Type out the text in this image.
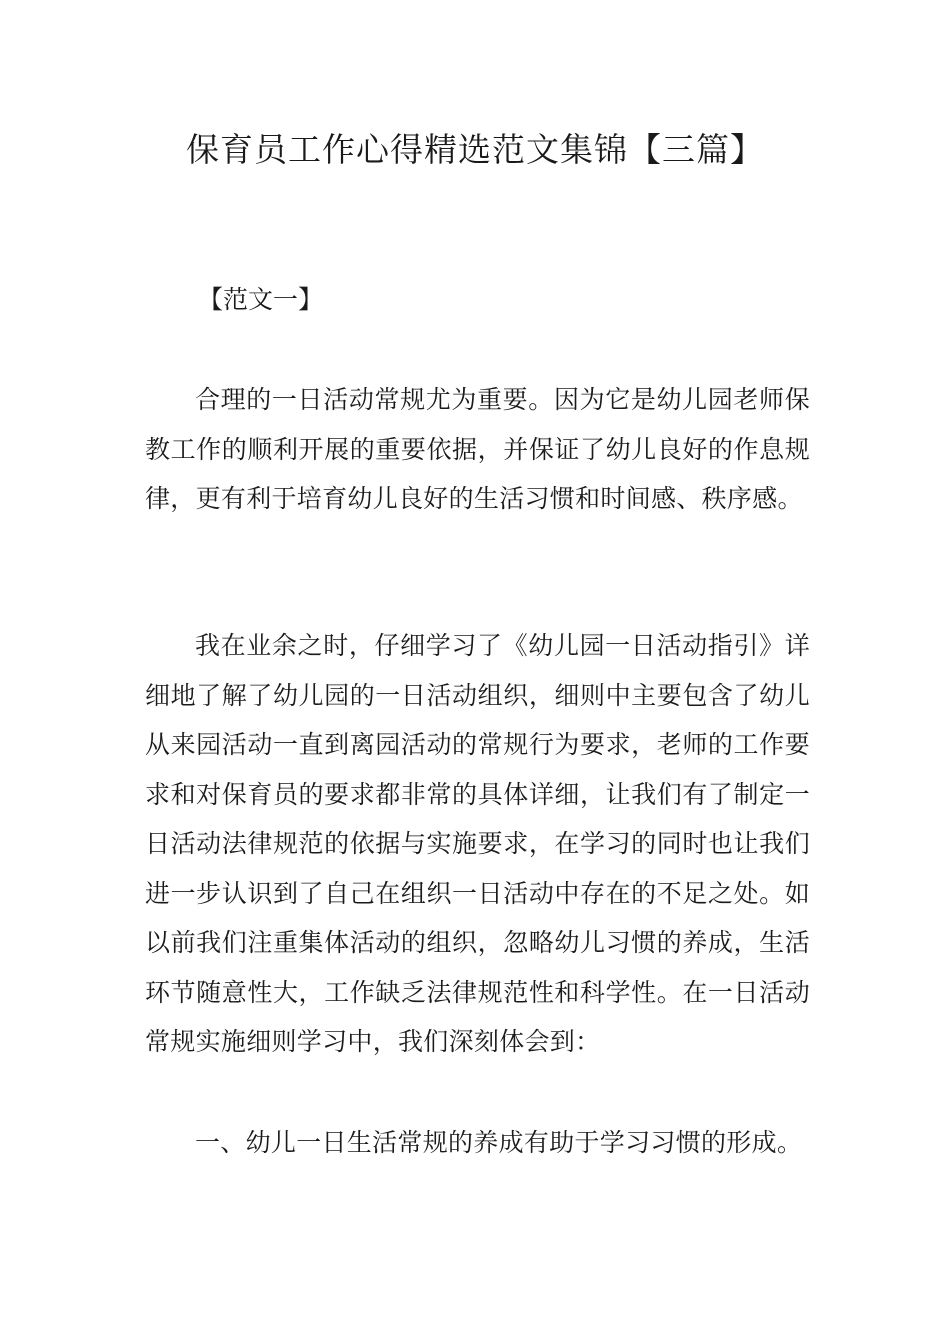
保育员工作心得精选范文集锦【三篇】

【范文一】

合理的一日活动常规尤为重要。因为它是幼儿园老师保教工作的顺利开展的重要依据，并保证了幼儿良好的作息规律，更有利于培育幼儿良好的生活习惯和时间感、秩序感。

我在业余之时，仔细学习了《幼儿园一日活动指引》详细地了解了幼儿园的一日活动组织，细则中主要包含了幼儿从来园活动一直到离园活动的常规行为要求，老师的工作要求和对保育员的要求都非常的具体详细，让我们有了制定一日活动法律规范的依据与实施要求，在学习的同时也让我们进一步认识到了自己在组织一日活动中存在的不足之处。如以前我们注重集体活动的组织，忽略幼儿习惯的养成，生活环节随意性大，工作缺乏法律规范性和科学性。在一日活动常规实施细则学习中，我们深刻体会到：

一、幼儿一日生活常规的养成有助于学习习惯的形成。
